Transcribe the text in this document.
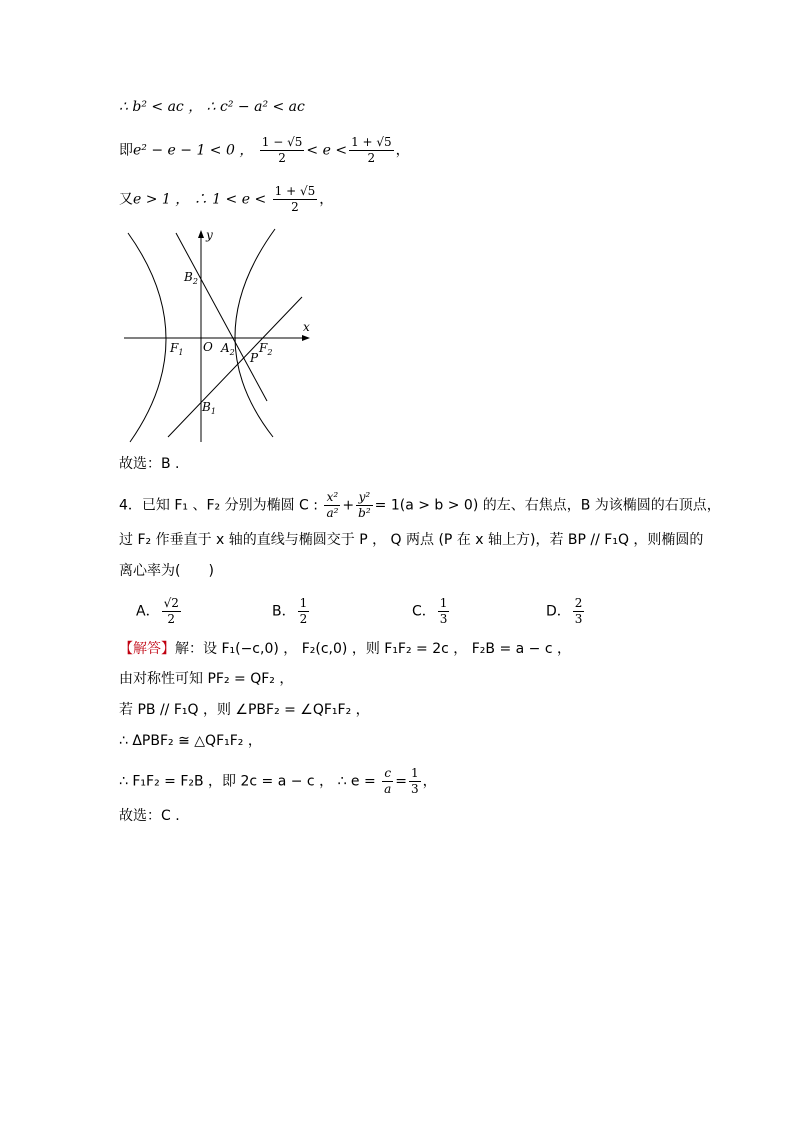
∴ b² < ac ， ∴ c² − a² < ac
即e² − e − 1 < 0 ， $\frac{1 - √5}{2} < e < \frac{1 + √5}{2}$ ，
又e > 1 ， ∴ $1 < e < \frac{1 + √5}{2}$ ，
y
x
O
$B_2$
$B_1$
$F_1$	$A_2$ $F_2$
P
故选：B .
4．已知 F₁ 、F₂ 分别为椭圆 C : $\frac{\text{x²}}{\text{a²}} + \frac{\text{y²}}{\text{b²}} = 1(a > b > 0)$ 的左、右焦点，B 为该椭圆的右顶点，
过 F₂ 作垂直于 x 轴的直线与椭圆交于 P ， Q 两点 (P 在 x 轴上方)，若 BP // F₁Q ，则椭圆的
离心率为(　　)
A． $\frac{√2}{2}$	B． $\frac{1}{2}$	C． $\frac{1}{3}$	D． $\frac{2}{3}$
【解答】解：设 F₁(−c,0) ， F₂(c,0) ，则 F₁F₂ = 2c ， F₂B = a − c ，
由对称性可知 PF₂ = QF₂ ，
若 PB // F₁Q ，则 ∠PBF₂ = ∠QF₁F₂ ，
∴ ΔPBF₂ ≅ △QF₁F₂ ，
∴ F₁F₂ = F₂B ，即 2c = a − c ， ∴ $e = \frac{c}{a} = \frac{1}{3}$ ，
故选：C .
